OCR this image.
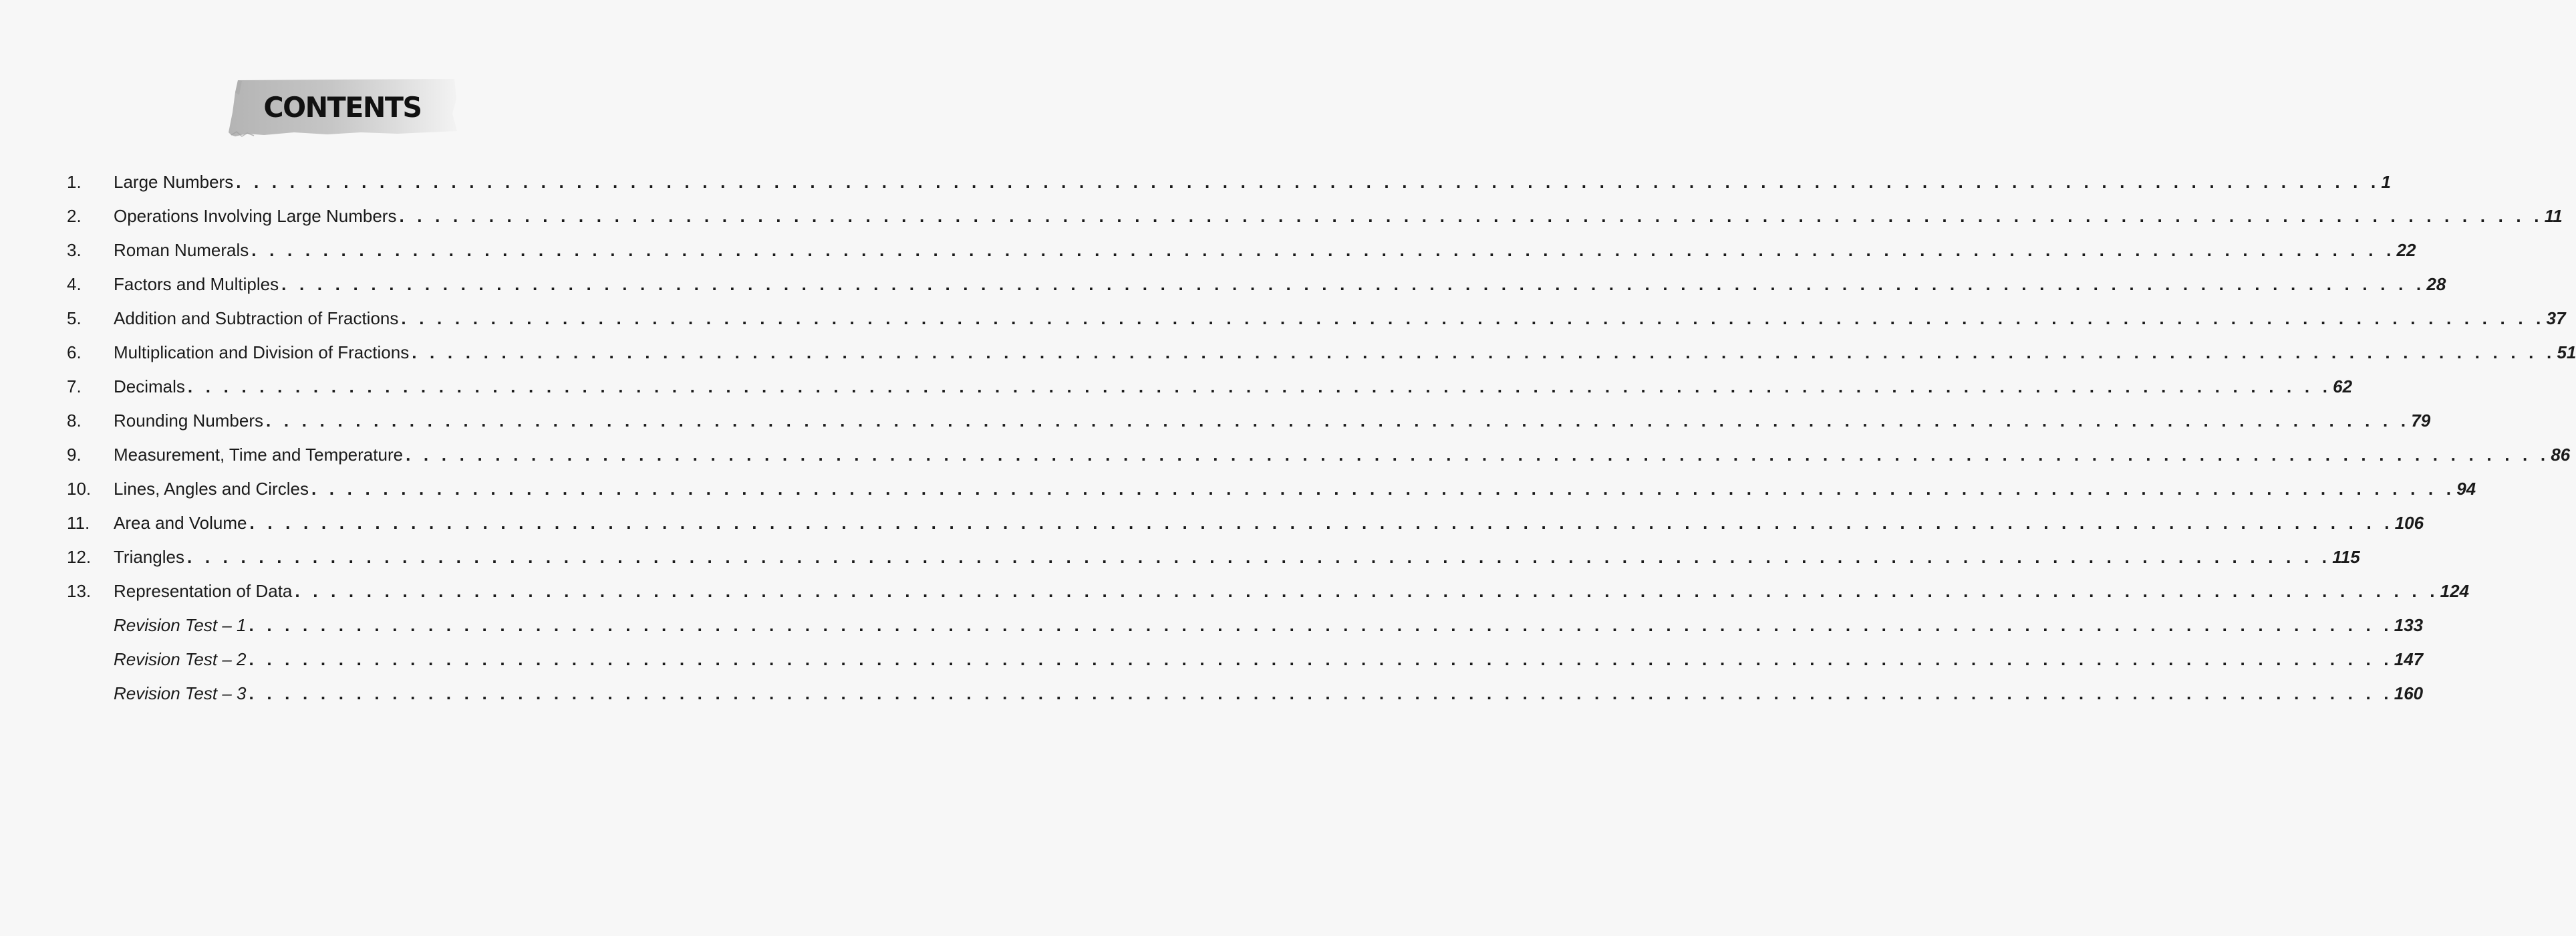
CONTENTS
1.	Large Numbers . . . . . . . . . . . . . . . . . . . . . . . . . . . . . . . . . . . . . . . . . . . . . . . . . . . . . . . . . . . . . . . . . . . . . . . . . . . . . . . . . . . . . . . . . . . . . . . . . . . . . . . . . . . . . . . . . . . . . . . . 1
2.	Operations Involving Large Numbers . . . . . . . . . . . . . . . . . . . . . . . . . . . . . . . . . . . . . . . . . . . . . . . . . . . . . . . . . . . . . . . . . . . . . . . . . . . . . . . . . . . . . . . . . . . . . . . . . . . . . . . . . . . . . . . . . . . . . . . . 11
3.	Roman Numerals . . . . . . . . . . . . . . . . . . . . . . . . . . . . . . . . . . . . . . . . . . . . . . . . . . . . . . . . . . . . . . . . . . . . . . . . . . . . . . . . . . . . . . . . . . . . . . . . . . . . . . . . . . . . . . . . . . . . . . . . 22
4.	Factors and Multiples . . . . . . . . . . . . . . . . . . . . . . . . . . . . . . . . . . . . . . . . . . . . . . . . . . . . . . . . . . . . . . . . . . . . . . . . . . . . . . . . . . . . . . . . . . . . . . . . . . . . . . . . . . . . . . . . . . . . . . . . 28
5.	Addition and Subtraction of Fractions . . . . . . . . . . . . . . . . . . . . . . . . . . . . . . . . . . . . . . . . . . . . . . . . . . . . . . . . . . . . . . . . . . . . . . . . . . . . . . . . . . . . . . . . . . . . . . . . . . . . . . . . . . . . . . . . . . . . . . . . 37
6.	Multiplication and Division of Fractions . . . . . . . . . . . . . . . . . . . . . . . . . . . . . . . . . . . . . . . . . . . . . . . . . . . . . . . . . . . . . . . . . . . . . . . . . . . . . . . . . . . . . . . . . . . . . . . . . . . . . . . . . . . . . . . . . . . . . . . . 51
7.	Decimals . . . . . . . . . . . . . . . . . . . . . . . . . . . . . . . . . . . . . . . . . . . . . . . . . . . . . . . . . . . . . . . . . . . . . . . . . . . . . . . . . . . . . . . . . . . . . . . . . . . . . . . . . . . . . . . . . . . . . . . . 62
8.	Rounding Numbers . . . . . . . . . . . . . . . . . . . . . . . . . . . . . . . . . . . . . . . . . . . . . . . . . . . . . . . . . . . . . . . . . . . . . . . . . . . . . . . . . . . . . . . . . . . . . . . . . . . . . . . . . . . . . . . . . . . . . . . . 79
9.	Measurement, Time and Temperature . . . . . . . . . . . . . . . . . . . . . . . . . . . . . . . . . . . . . . . . . . . . . . . . . . . . . . . . . . . . . . . . . . . . . . . . . . . . . . . . . . . . . . . . . . . . . . . . . . . . . . . . . . . . . . . . . . . . . . . . 86
10.	Lines, Angles and Circles . . . . . . . . . . . . . . . . . . . . . . . . . . . . . . . . . . . . . . . . . . . . . . . . . . . . . . . . . . . . . . . . . . . . . . . . . . . . . . . . . . . . . . . . . . . . . . . . . . . . . . . . . . . . . . . . . . . . . . . . 94
11.	Area and Volume . . . . . . . . . . . . . . . . . . . . . . . . . . . . . . . . . . . . . . . . . . . . . . . . . . . . . . . . . . . . . . . . . . . . . . . . . . . . . . . . . . . . . . . . . . . . . . . . . . . . . . . . . . . . . . . . . . . . . . . . 106
12.	Triangles . . . . . . . . . . . . . . . . . . . . . . . . . . . . . . . . . . . . . . . . . . . . . . . . . . . . . . . . . . . . . . . . . . . . . . . . . . . . . . . . . . . . . . . . . . . . . . . . . . . . . . . . . . . . . . . . . . . . . . . . 115
13.	Representation of Data . . . . . . . . . . . . . . . . . . . . . . . . . . . . . . . . . . . . . . . . . . . . . . . . . . . . . . . . . . . . . . . . . . . . . . . . . . . . . . . . . . . . . . . . . . . . . . . . . . . . . . . . . . . . . . . . . . . . . . . . 124
Revision Test – 1 . . . . . . . . . . . . . . . . . . . . . . . . . . . . . . . . . . . . . . . . . . . . . . . . . . . . . . . . . . . . . . . . . . . . . . . . . . . . . . . . . . . . . . . . . . . . . . . . . . . . . . . . . . . . . . . . . . . . . . . . 133
Revision Test – 2 . . . . . . . . . . . . . . . . . . . . . . . . . . . . . . . . . . . . . . . . . . . . . . . . . . . . . . . . . . . . . . . . . . . . . . . . . . . . . . . . . . . . . . . . . . . . . . . . . . . . . . . . . . . . . . . . . . . . . . . . 147
Revision Test – 3 . . . . . . . . . . . . . . . . . . . . . . . . . . . . . . . . . . . . . . . . . . . . . . . . . . . . . . . . . . . . . . . . . . . . . . . . . . . . . . . . . . . . . . . . . . . . . . . . . . . . . . . . . . . . . . . . . . . . . . . . 160
